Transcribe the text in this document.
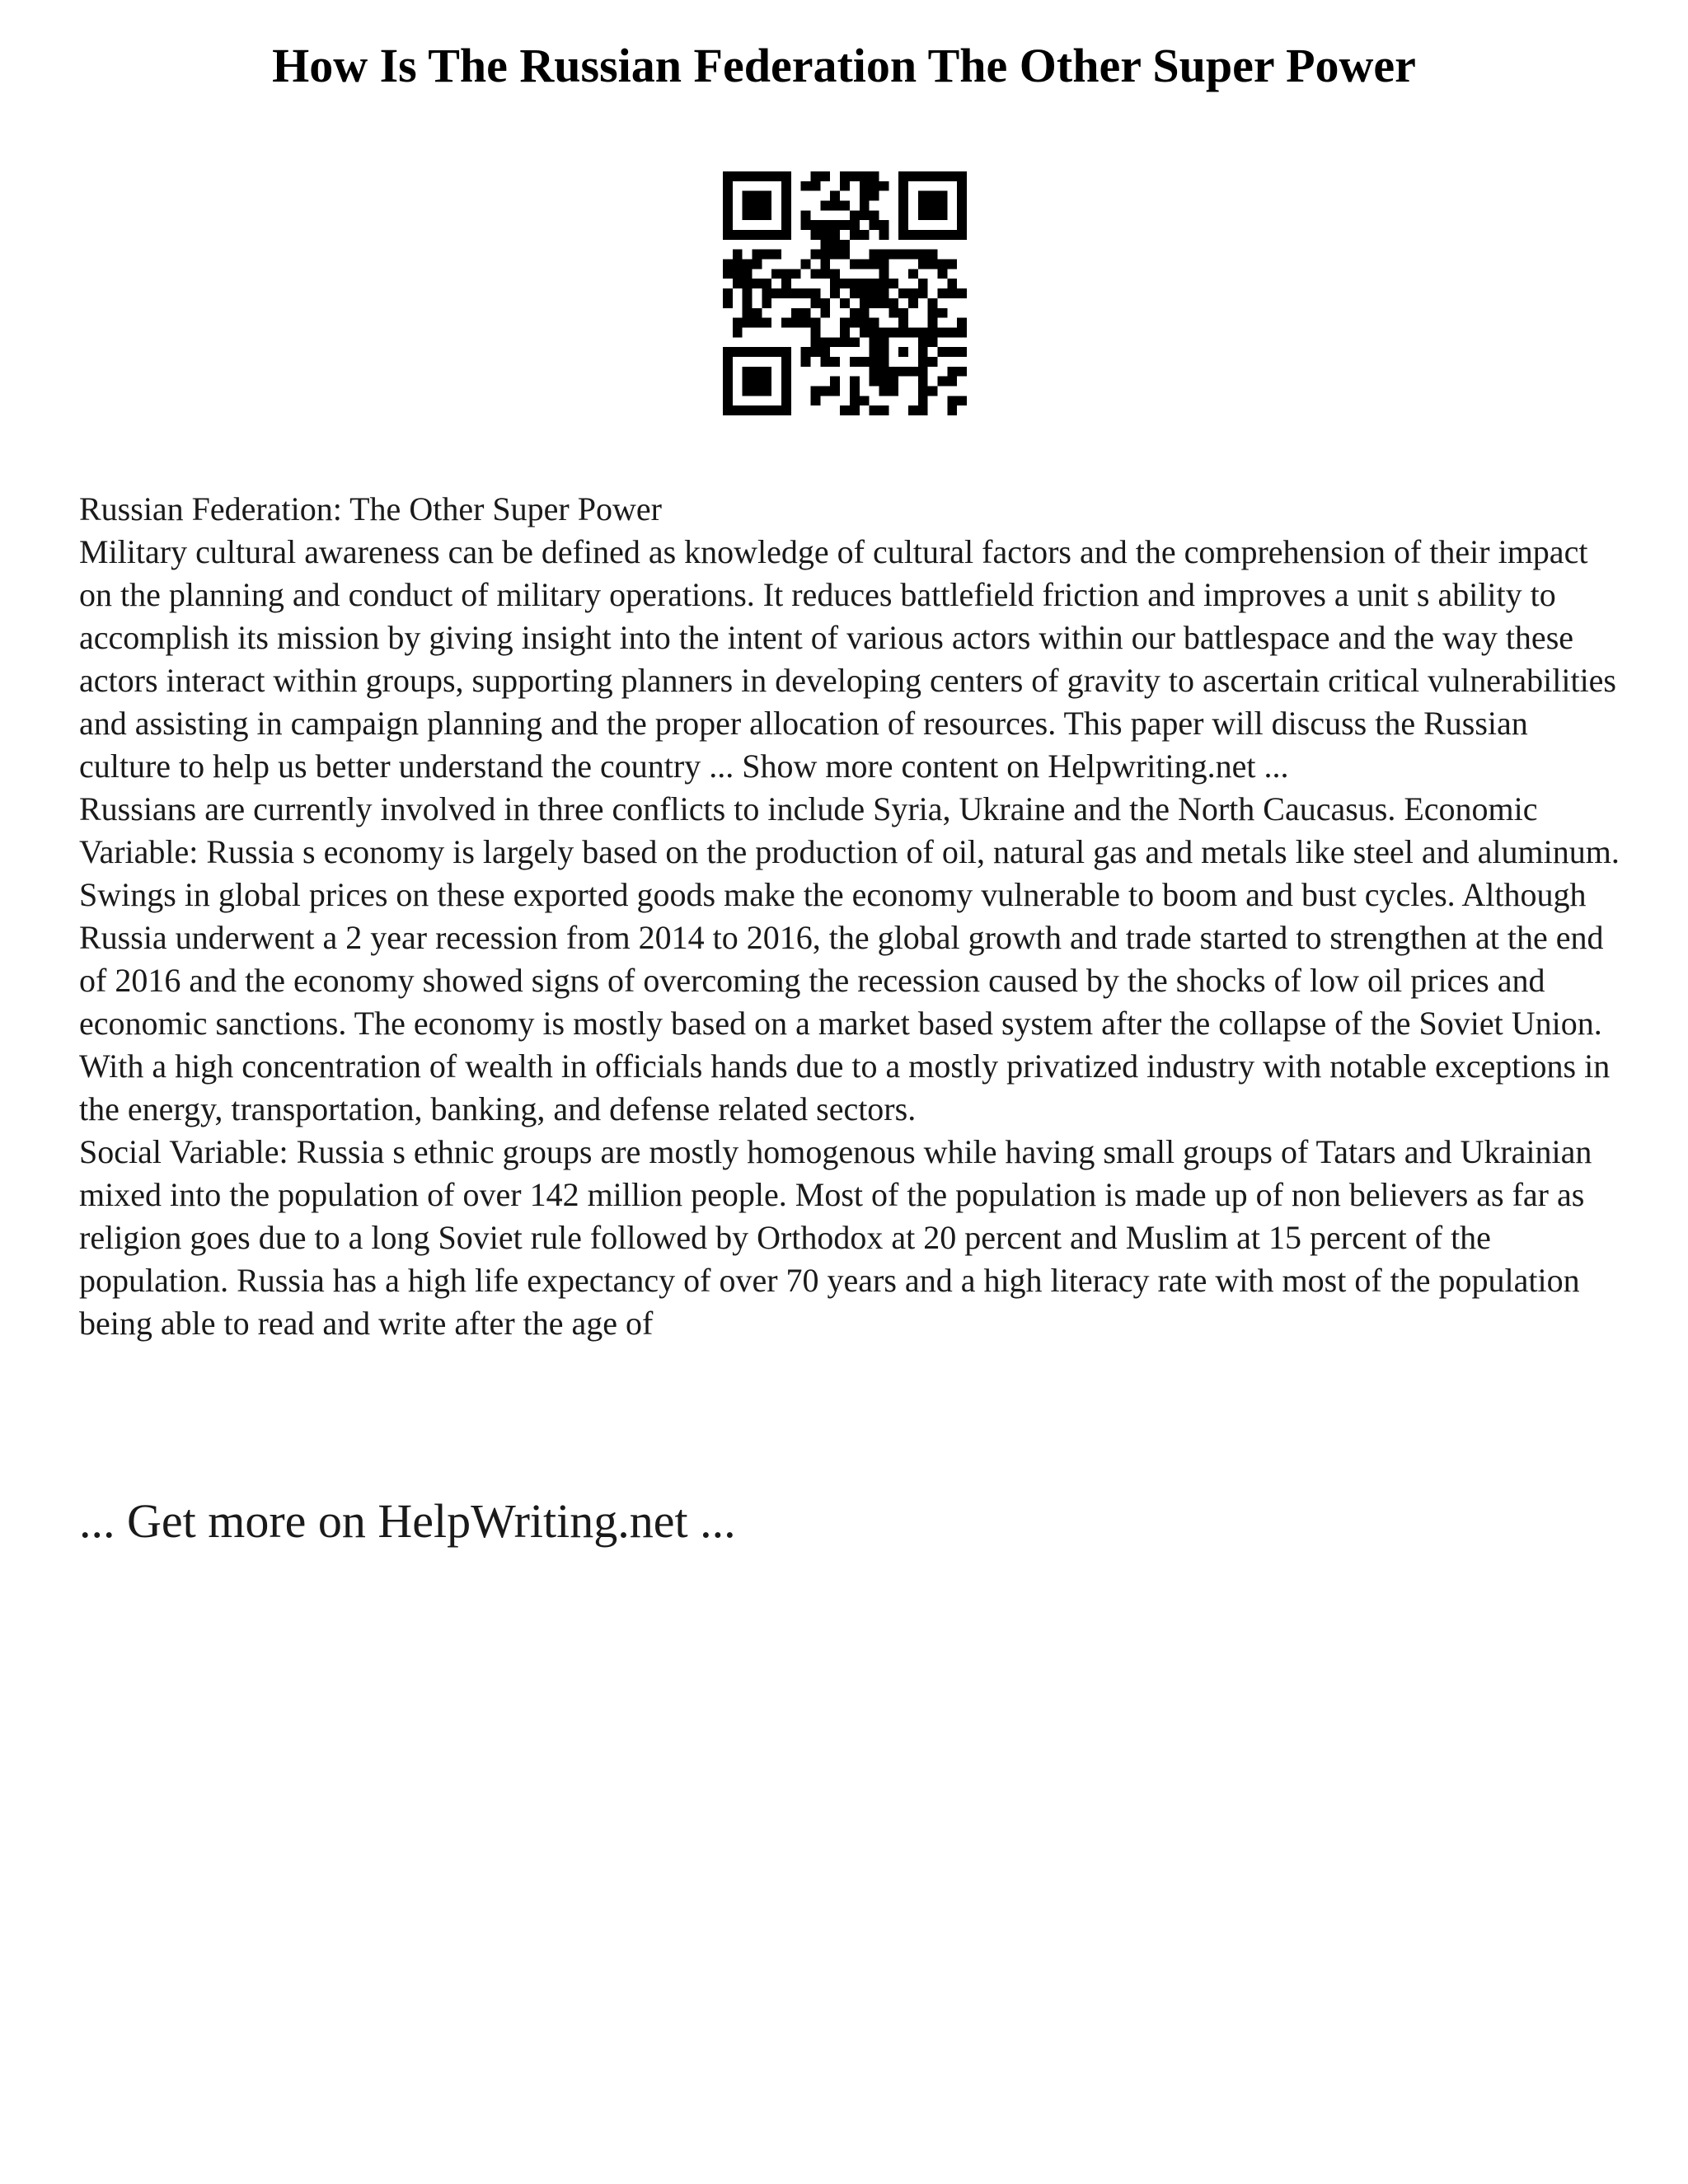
How Is The Russian Federation The Other Super Power

Russian Federation: The Other Super Power

Military cultural awareness can be defined as knowledge of cultural factors and the comprehension of their impact on the planning and conduct of military operations. It reduces battlefield friction and improves a unit s ability to accomplish its mission by giving insight into the intent of various actors within our battlespace and the way these actors interact within groups, supporting planners in developing centers of gravity to ascertain critical vulnerabilities and assisting in campaign planning and the proper allocation of resources. This paper will discuss the Russian culture to help us better understand the country ... Show more content on Helpwriting.net ...

Russians are currently involved in three conflicts to include Syria, Ukraine and the North Caucasus. Economic Variable: Russia s economy is largely based on the production of oil, natural gas and metals like steel and aluminum. Swings in global prices on these exported goods make the economy vulnerable to boom and bust cycles. Although Russia underwent a 2 year recession from 2014 to 2016, the global growth and trade started to strengthen at the end of 2016 and the economy showed signs of overcoming the recession caused by the shocks of low oil prices and economic sanctions. The economy is mostly based on a market based system after the collapse of the Soviet Union. With a high concentration of wealth in officials hands due to a mostly privatized industry with notable exceptions in the energy, transportation, banking, and defense related sectors.

Social Variable: Russia s ethnic groups are mostly homogenous while having small groups of Tatars and Ukrainian mixed into the population of over 142 million people. Most of the population is made up of non believers as far as religion goes due to a long Soviet rule followed by Orthodox at 20 percent and Muslim at 15 percent of the population. Russia has a high life expectancy of over 70 years and a high literacy rate with most of the population being able to read and write after the age of

... Get more on HelpWriting.net ...
